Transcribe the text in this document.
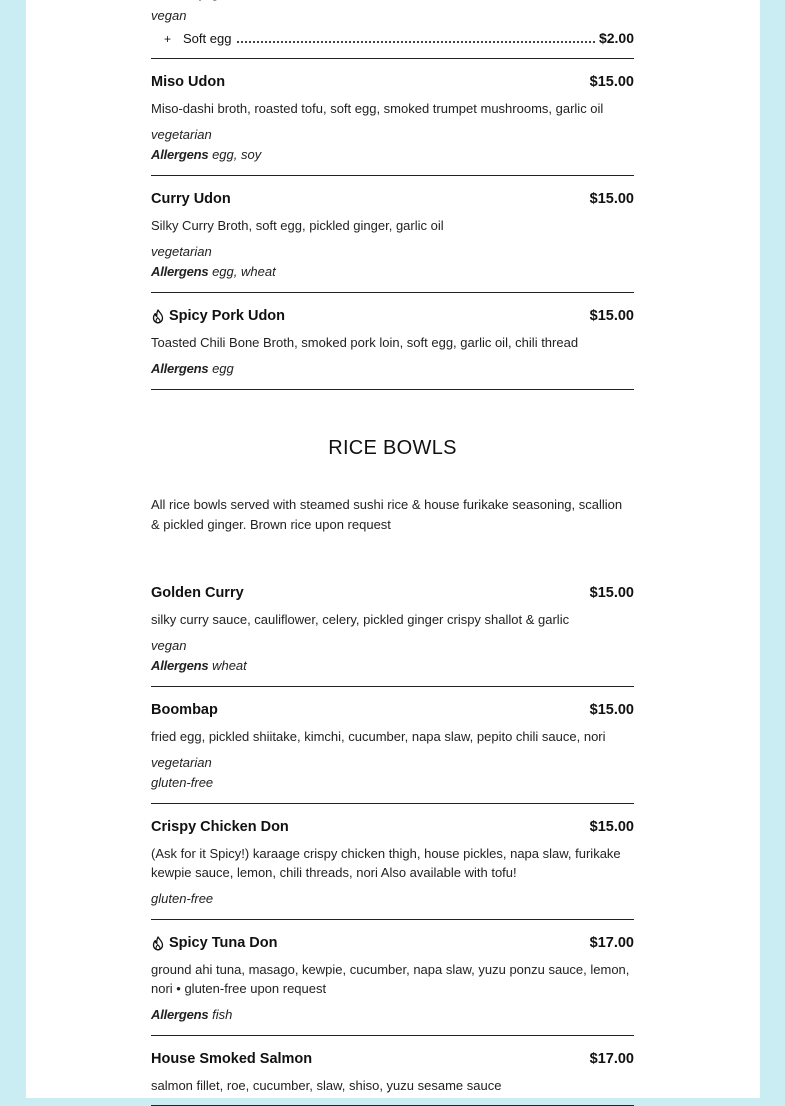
vegan
+ Soft egg	$2.00
Miso Udon	$15.00
Miso-dashi broth, roasted tofu, soft egg, smoked trumpet mushrooms, garlic oil
vegetarian
Allergens egg, soy
Curry Udon	$15.00
Silky Curry Broth, soft egg, pickled ginger, garlic oil
vegetarian
Allergens egg, wheat
Spicy Pork Udon	$15.00
Toasted Chili Bone Broth, smoked pork loin, soft egg, garlic oil, chili thread
Allergens egg
RICE BOWLS

All rice bowls served with steamed sushi rice & house furikake seasoning, scallion & pickled ginger. Brown rice upon request

Golden Curry	$15.00
silky curry sauce, cauliflower, celery, pickled ginger crispy shallot & garlic
vegan
Allergens wheat
Boombap	$15.00
fried egg, pickled shiitake, kimchi, cucumber, napa slaw, pepito chili sauce, nori
vegetarian
gluten-free
Crispy Chicken Don	$15.00
(Ask for it Spicy!) karaage crispy chicken thigh, house pickles, napa slaw, furikake kewpie sauce, lemon, chili threads, nori Also available with tofu!
gluten-free
Spicy Tuna Don	$17.00
ground ahi tuna, masago, kewpie, cucumber, napa slaw, yuzu ponzu sauce, lemon, nori • gluten-free upon request
Allergens fish
House Smoked Salmon	$17.00
salmon fillet, roe, cucumber, slaw, shiso, yuzu sesame sauce
